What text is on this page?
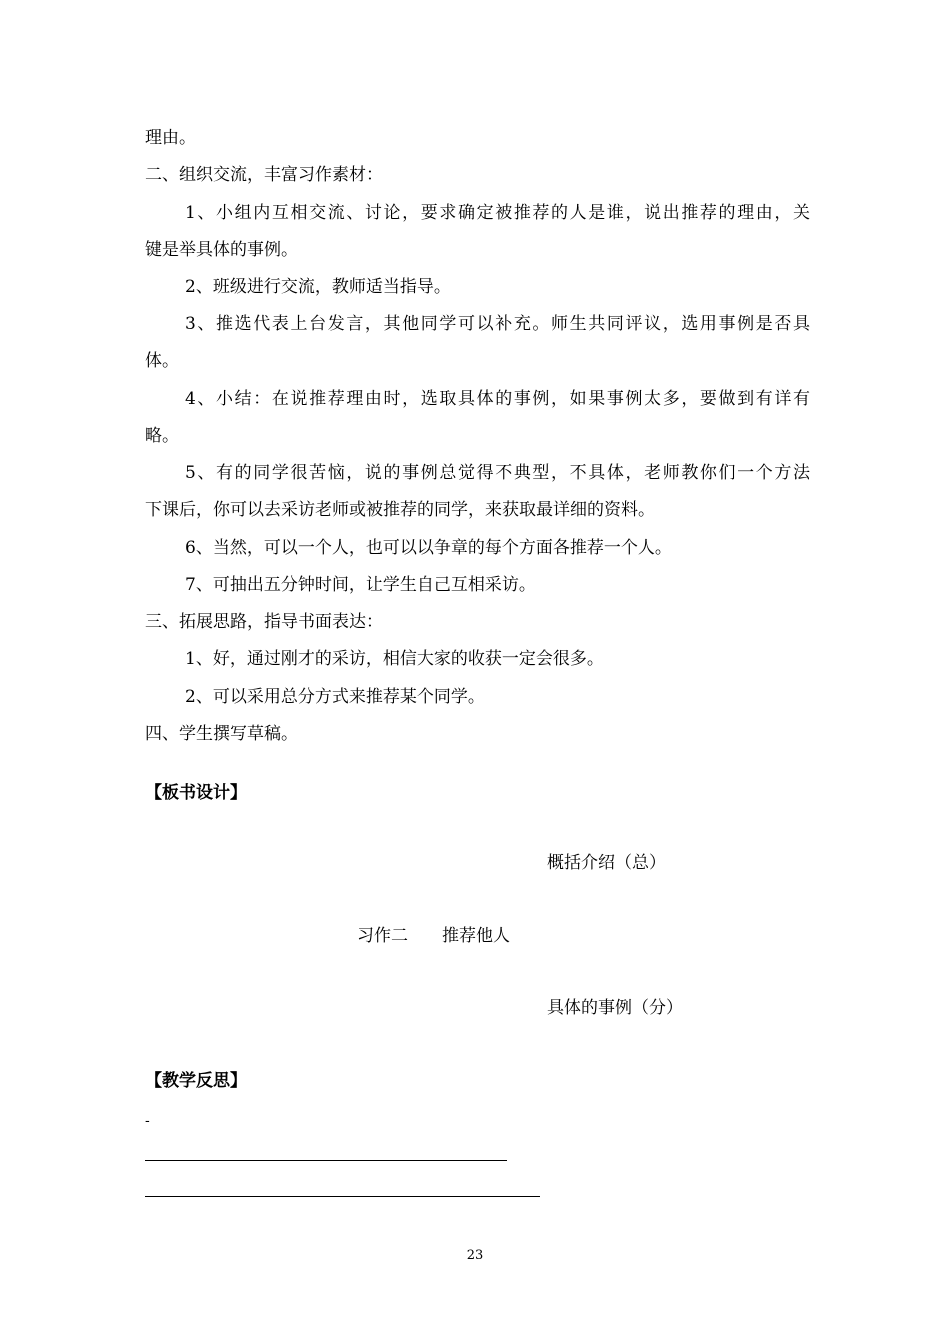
理由。
二、组织交流，丰富习作素材：
1、小组内互相交流、讨论，要求确定被推荐的人是谁，说出推荐的理由，关
键是举具体的事例。
2、班级进行交流，教师适当指导。
3、推选代表上台发言，其他同学可以补充。师生共同评议，选用事例是否具
体。
4、小结：在说推荐理由时，选取具体的事例，如果事例太多，要做到有详有
略。
5、有的同学很苦恼，说的事例总觉得不典型，不具体，老师教你们一个方法
下课后，你可以去采访老师或被推荐的同学，来获取最详细的资料。
6、当然，可以一个人，也可以以争章的每个方面各推荐一个人。
7、可抽出五分钟时间，让学生自己互相采访。
三、拓展思路，指导书面表达：
1、好，通过刚才的采访，相信大家的收获一定会很多。
2、可以采用总分方式来推荐某个同学。
四、学生撰写草稿。
【板书设计】
概括介绍（总）
习作二　　推荐他人
具体的事例（分）
【教学反思】
-
23
